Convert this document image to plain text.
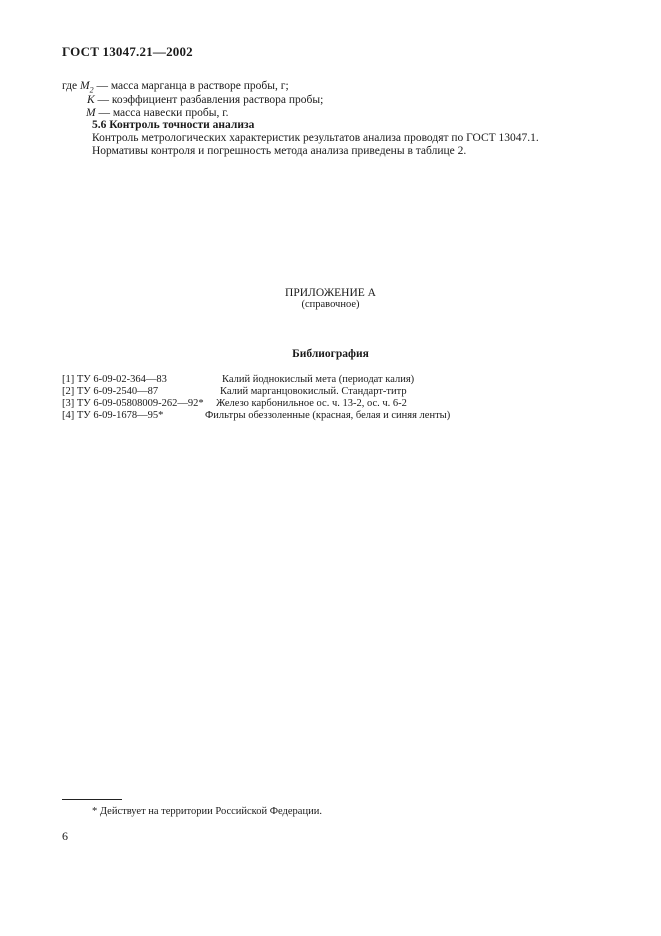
ГОСТ 13047.21—2002
где $M_2$ — масса марганца в растворе пробы, г;
K — коэффициент разбавления раствора пробы;
M — масса навески пробы, г.
5.6 Контроль точности анализа
Контроль метрологических характеристик результатов анализа проводят по ГОСТ 13047.1.
Нормативы контроля и погрешность метода анализа приведены в таблице 2.
ПРИЛОЖЕНИЕ А
(справочное)
Библиография
[1] ТУ 6-09-02-364—83	Калий йоднокислый мета (периодат калия)
[2] ТУ 6-09-2540—87	Калий марганцовокислый. Стандарт-титр
[3] ТУ 6-09-05808009-262—92* Железо карбонильное ос. ч. 13-2, ос. ч. 6-2
[4] ТУ 6-09-1678—95*	Фильтры обеззоленные (красная, белая и синяя ленты)
* Действует на территории Российской Федерации.
6
